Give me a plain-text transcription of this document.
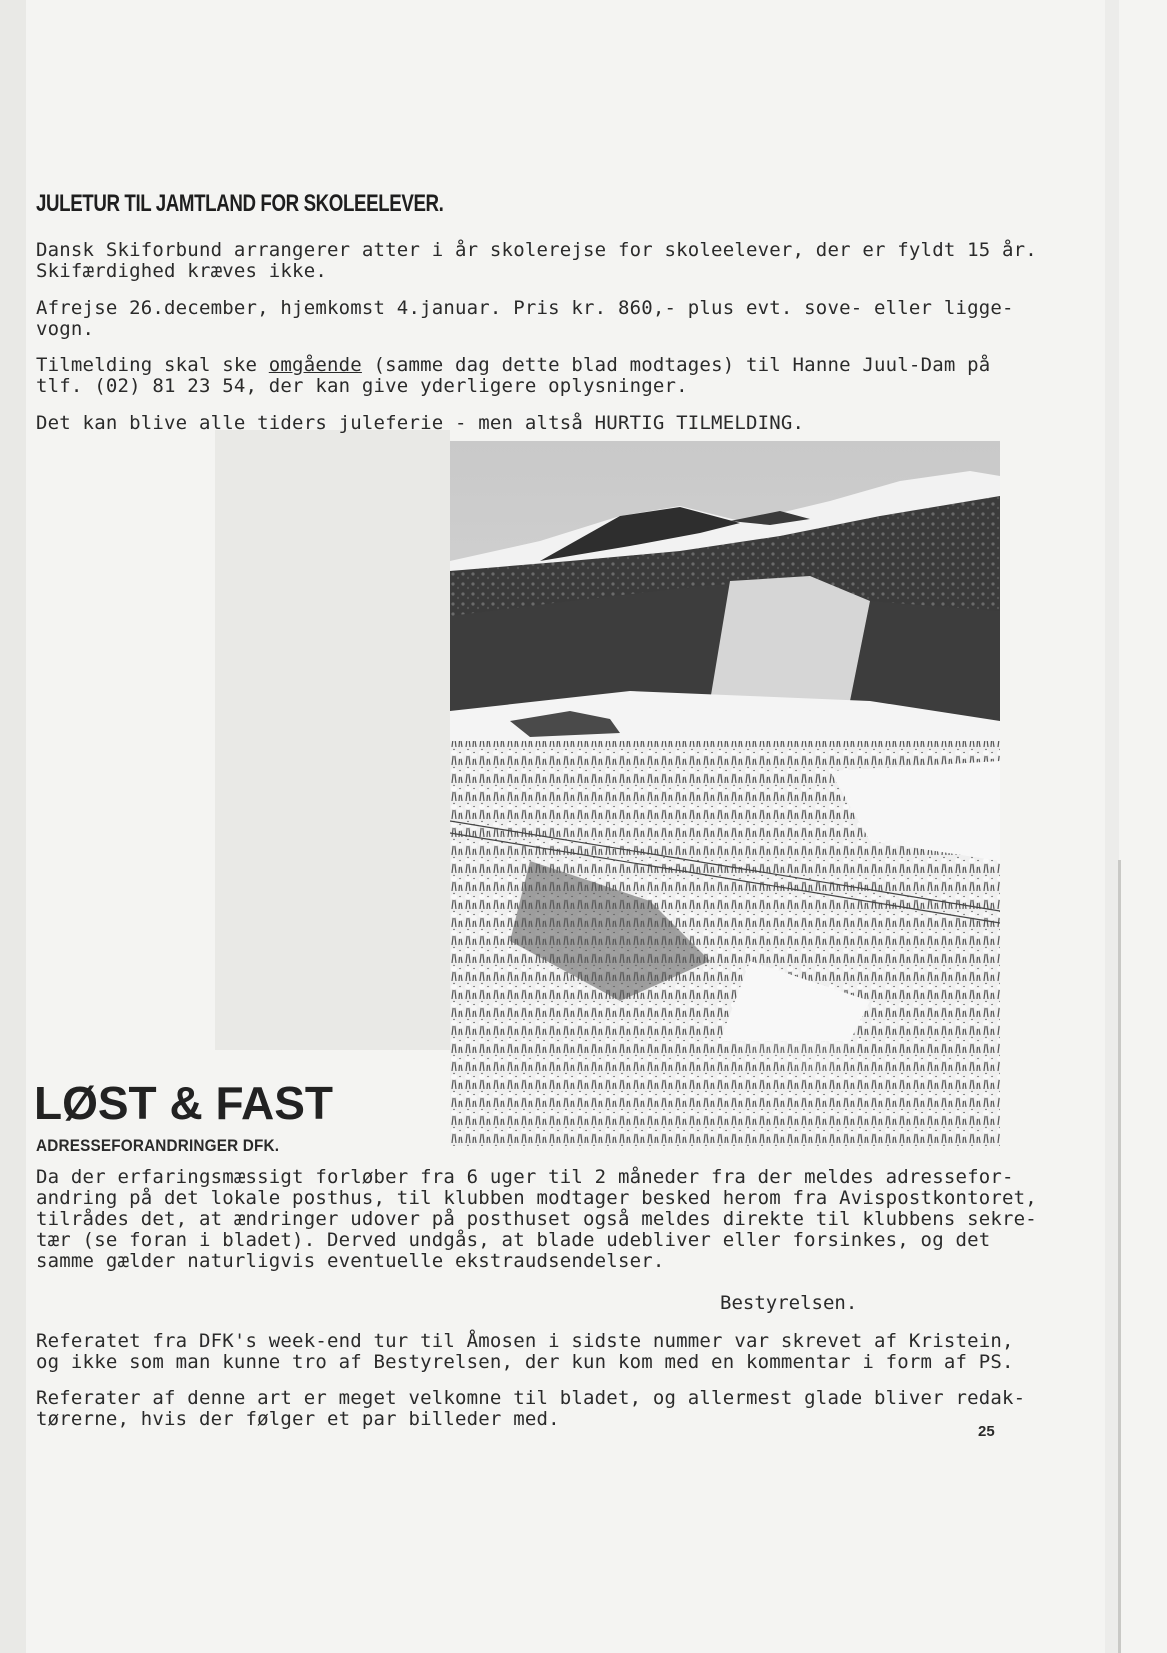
JULETUR TIL JAMTLAND FOR SKOLEELEVER.

Dansk Skiforbund arrangerer atter i år skolerejse for skoleelever, der er fyldt 15 år.

Skifærdighed kræves ikke.

Afrejse 26.december, hjemkomst 4.januar. Pris kr. 860,- plus evt. sove- eller ligge-

vogn.

Tilmelding skal ske omgående (samme dag dette blad modtages) til Hanne Juul-Dam på

tlf. (02) 81 23 54, der kan give yderligere oplysninger.

Det kan blive alle tiders juleferie - men altså HURTIG TILMELDING.

LØST & FAST
ADRESSEFORANDRINGER DFK.

Da der erfaringsmæssigt forløber fra 6 uger til 2 måneder fra der meldes adressefor-

andring på det lokale posthus, til klubben modtager besked herom fra Avispostkontoret,

tilrådes det, at ændringer udover på posthuset også meldes direkte til klubbens sekre-

tær (se foran i bladet). Derved undgås, at blade udebliver eller forsinkes, og det

samme gælder naturligvis eventuelle ekstraudsendelser.

Bestyrelsen.

Referatet fra DFK's week-end tur til Åmosen i sidste nummer var skrevet af Kristein,

og ikke som man kunne tro af Bestyrelsen, der kun kom med en kommentar i form af PS.

Referater af denne art er meget velkomne til bladet, og allermest glade bliver redak-

tørerne, hvis der følger et par billeder med.

25
